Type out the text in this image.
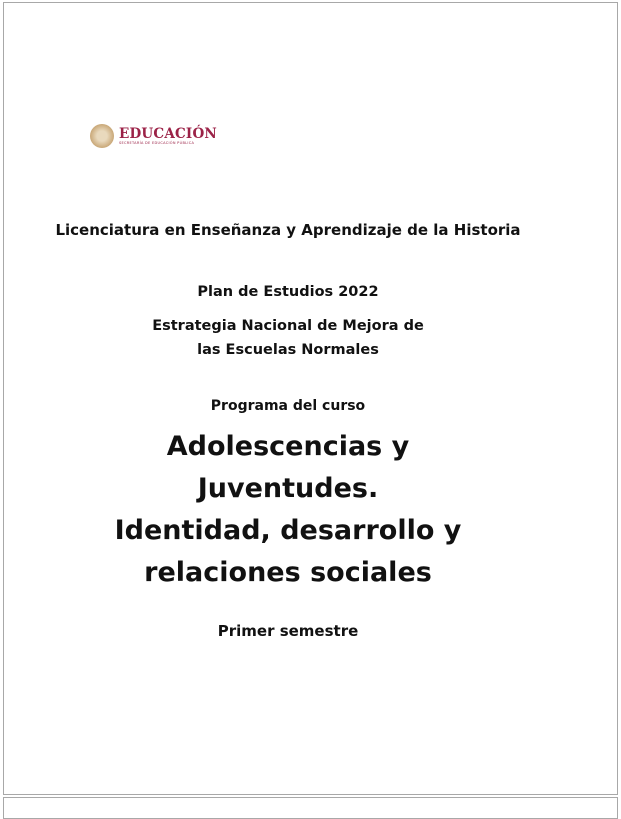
EDUCACIÓN
SECRETARÍA DE EDUCACIÓN PÚBLICA
Licenciatura en Enseñanza y Aprendizaje de la Historia
Plan de Estudios 2022
Estrategia Nacional de Mejora de
las Escuelas Normales
Programa del curso
Adolescencias y
Juventudes.
Identidad, desarrollo y
relaciones sociales
Primer semestre
